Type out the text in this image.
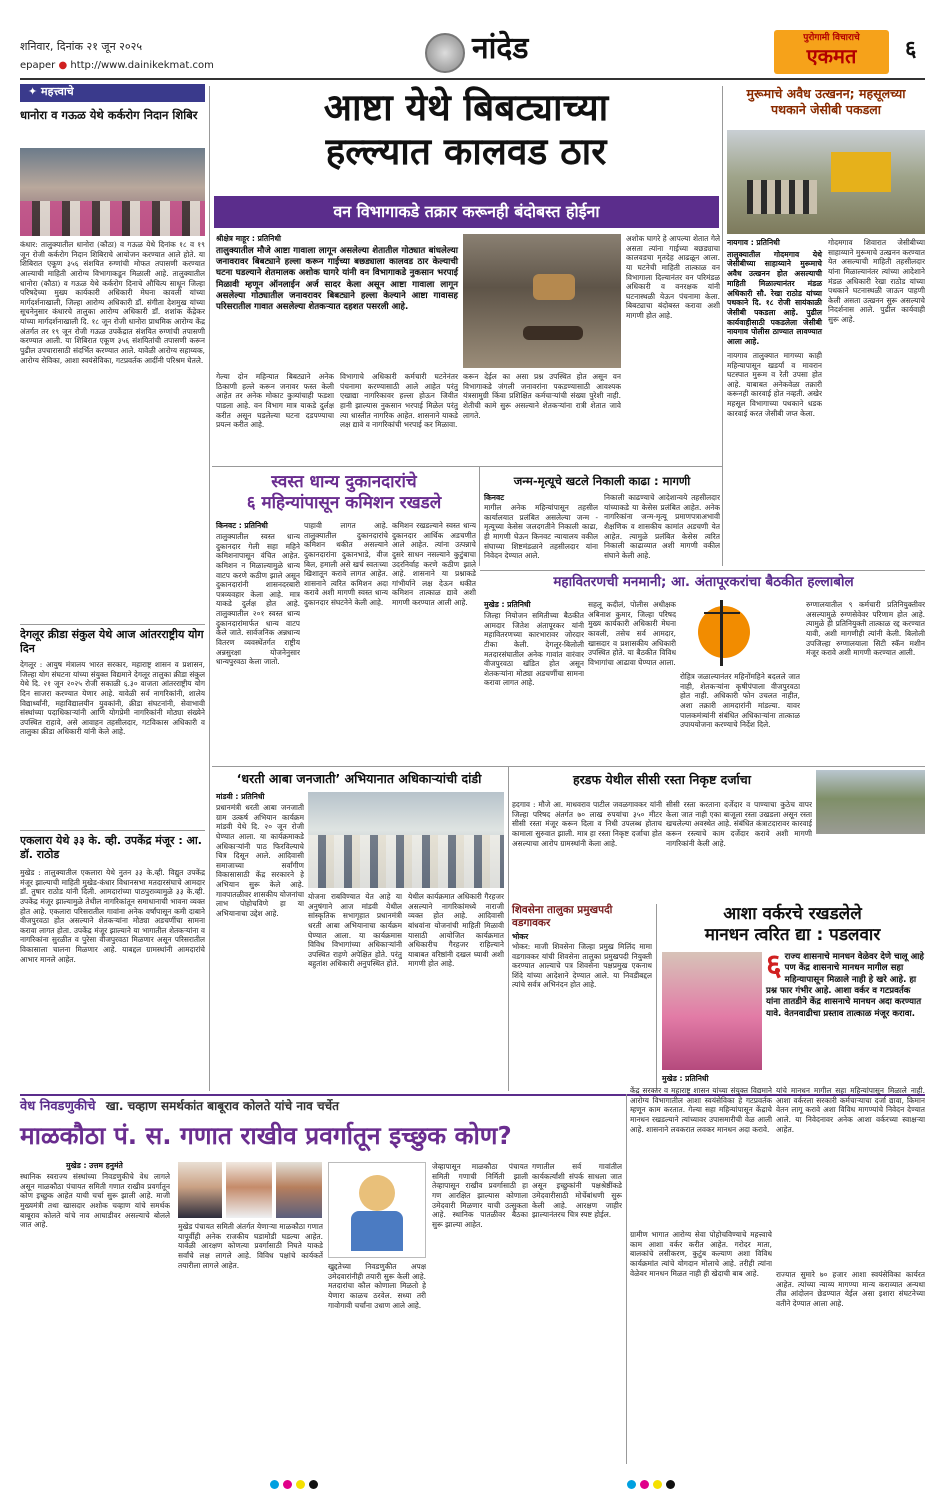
शनिवार, दिनांक २१ जून २०२५
epaper ● http://www.dainikekmat.com	नांदेड	पुरोगामी विचाराचे
एकमत	६
✦ महत्त्वाचे
धानोरा व गऊळ येथे कर्करोग निदान शिबिर
कंधार: तालुक्यातील धानोरा (कौठा) व गऊळ येथे दिनांक १८ व १९ जून रोजी कर्करोग निदान शिबिराचे आयोजन करण्यात आले होते. या शिबिरात एकूण ३५६ संशयित रुग्णांची मोफत तपासणी करण्यात आल्याची माहिती आरोग्य विभागाकडून मिळाली आहे. तालुक्यातील धानोरा (कौठा) व गऊळ येथे कर्करोग दिनाचे औचित्य साधून जिल्हा परिषदेच्या मुख्य कार्यकारी अधिकारी मेघना कावली यांच्या मार्गदर्शनाखाली, जिल्हा आरोग्य अधिकारी डॉ. संगीता देशमुख यांच्या सूचनेनुसार कंधारचे तालुका आरोग्य अधिकारी डॉ. शशांक केंद्रेकर यांच्या मार्गदर्शनाखाली दि. १८ जून रोजी धानोरा प्राथमिक आरोग्य केंद्र अंतर्गत तर १९ जून रोजी गऊळ उपकेंद्रात संशयित रुग्णांची तपासणी करण्यात आली. या शिबिरात एकूण ३५६ संशयितांची तपासणी करून पुढील उपचारासाठी संदर्भित करण्यात आले. यावेळी आरोग्य सहाय्यक, आरोग्य सेविका, आशा स्वयंसेविका, गटप्रवर्तक आदींनी परिश्रम घेतले.
देगलूर क्रीडा संकुल येथे आज आंतरराष्ट्रीय योग दिन
देगलूर : आयुष मंत्रालय भारत सरकार, महाराष्ट्र शासन व प्रशासन, जिल्हा योग संघटना यांच्या संयुक्त विद्यमाने देगलूर तालुका क्रीडा संकुल येथे दि. २१ जून २०२५ रोजी सकाळी ६.३० वाजता आंतरराष्ट्रीय योग दिन साजरा करण्यात येणार आहे. यावेळी सर्व नागरिकांनी, शालेय विद्यार्थ्यांनी, महाविद्यालयीन युवकांनी, क्रीडा संघटनांनी, सेवाभावी संस्थांच्या पदाधिकाऱ्यांनी आणि योगप्रेमी नागरिकांनी मोठ्या संख्येने उपस्थित राहावे, असे आवाहन तहसीलदार, गटविकास अधिकारी व तालुका क्रीडा अधिकारी यांनी केले आहे.
एकलारा येथे ३३ के. व्ही. उपकेंद्र मंजूर : आ. डॉ. राठोड
मुखेड : तालुक्यातील एकलारा येथे नुतन ३३ के.व्ही. विद्युत उपकेंद्र मंजूर झाल्याची माहिती मुखेड-कंधार विधानसभा मतदारसंघाचे आमदार डॉ. तुषार राठोड यांनी दिली. आमदारांच्या पाठपुराव्यामुळे ३३ के.व्ही. उपकेंद्र मंजूर झाल्यामुळे तेथील नागरिकांतून समाधानाची भावना व्यक्त होत आहे. एकलारा परिसरातील गावांना अनेक वर्षांपासून कमी दाबाने वीजपुरवठा होत असल्याने शेतकऱ्यांना मोठ्या अडचणींचा सामना करावा लागत होता. उपकेंद्र मंजूर झाल्याने या भागातील शेतकऱ्यांना व नागरिकांना सुरळीत व पुरेसा वीजपुरवठा मिळणार असून परिसरातील विकासाला चालना मिळणार आहे. याबद्दल ग्रामस्थांनी आमदारांचे आभार मानले आहेत.
आष्टा येथे बिबट्याच्या
हल्ल्यात कालवड ठार
वन विभागाकडे तक्रार करूनही बंदोबस्त होईना
श्रीक्षेत्र माहूर : प्रतिनिधी
तालुक्यातील मौजे आष्टा गावाला लागून असलेल्या शेतातील गोठ्यात बांधलेल्या जनावरावर बिबट्याने हल्ला करून गाईच्या बछड्याला कालवड ठार केल्याची घटना घडल्याने शेतमालक अशोक घागरे यांनी वन विभागाकडे नुकसान भरपाई मिळावी म्हणून ऑनलाईन अर्ज सादर केला असून आष्टा गावाला लागून असलेल्या गोठ्यातील जनावरावर बिबट्याने हल्ला केल्याने आष्टा गावासह परिसरातील गावात असलेल्या शेतकऱ्यात दहशत पसरली आहे.
अशोक घागरे हे आपल्या शेतात गेले असता त्यांना गाईच्या बछड्याचा कालवडचा मृतदेह आढळून आला. या घटनेची माहिती तात्काळ वन विभागाला दिल्यानंतर वन परिमंडळ अधिकारी व वनरक्षक यांनी घटनास्थळी येऊन पंचनामा केला. बिबट्याचा बंदोबस्त करावा अशी मागणी होत आहे.
गेल्या दोन महिन्यात बिबट्याने अनेक ठिकाणी हल्ले करून जनावर फस्त केली आहेत तर अनेक मोकाट कुत्र्यांचाही फडशा पाडला आहे. वन विभाग मात्र याकडे दुर्लक्ष करीत असून घडलेल्या घटना दडपण्याचा प्रयत्न करीत आहे.
विभागाचे अधिकारी कर्मचारी घटनेनंतर पंचनामा करण्यासाठी आले आहेत परंतु एखाद्या नागरिकावर हल्ला होऊन जिवीत हानी झाल्यास नुकसान भरपाई मिळेल परंतु त्या धास्तीत नागरिक आहेत. शासनाने याकडे लक्ष द्यावे व नागरिकांची भरपाई कर मिळावा.
करून देईल का असा प्रश्न उपस्थित होत असून वन विभागाकडे जंगली जनावरांना पकडण्यासाठी आवश्यक यंत्रसामुग्री किंवा प्रशिक्षित कर्मचाऱ्यांची संख्या पुरेशी नाही. शेतीची कामे सुरू असल्याने शेतकऱ्यांना रात्री शेतात जावे लागते.
मुरूमाचे अवैध उत्खनन; महसूलच्या पथकाने जेसीबी पकडला
नायगाव : प्रतिनिधी
तालुक्यातील गोदमगाव येथे जेसीबीच्या साहाय्याने मुरूमाचे अवैध उत्खनन होत असल्याची माहिती मिळाल्यानंतर मंडळ अधिकारी सौ. रेखा राठोड यांच्या पथकाने दि. १८ रोजी सायंकाळी जेसीबी पकडला आहे. पुढील कार्यवाहीसाठी पकडलेला जेसीबी नायगाव पोलीस ठाण्यात लावण्यात आला आहे.
नायगाव तालुक्यात मागच्या काही महिन्यापासून खडर्यां व मावरान घटस्पात मुरूम व रेती उपसा होत आहे. याबाबत अनेकवेळा तक्रारी करूनही कारवाई होत नव्हती. अखेर महसूल विभागाच्या पथकाने धडक कारवाई करत जेसीबी जप्त केला.
गोदमगाव शिवारात जेसीबीच्या साहाय्याने मुरूमाचे उत्खनन करण्यात येत असल्याची माहिती तहसीलदार यांना मिळाल्यानंतर त्यांच्या आदेशाने मंडळ अधिकारी रेखा राठोड यांच्या पथकाने घटनास्थळी जाऊन पाहणी केली असता उत्खनन सुरू असल्याचे निदर्शनास आले. पुढील कार्यवाही सुरू आहे.
स्वस्त धान्य दुकानदारांचे
६ महिन्यांपासून कमिशन रखडले
किनवट : प्रतिनिधी
तालुक्यातील स्वस्त धान्य दुकानदार गेली सहा महिने कमिशनापासून वंचित आहेत. कमिशन न मिळाल्यामुळे धान्य वाटप करणे कठीण झाले असून दुकानदारांनी शासनदरबारी पत्रव्यवहार केला आहे. मात्र याकडे दुर्लक्ष होत आहे. तालुक्यातील २०१ स्वस्त धान्य दुकानदारांमार्फत धान्य वाटप केले जाते. सार्वजनिक अन्नधान्य वितरण व्यवस्थेंतर्गत राष्ट्रीय अन्नसुरक्षा योजनेनुसार धान्यपुरवठा केला जातो.
पाहावी लागत आहे. तालुक्यातील दुकानदारांचे कमिशन थकीत असल्याने दुकानदारांना दुकानभाडे, वीज बिल, हमाली असे खर्च स्वतःच्या खिशातून करावे लागत आहेत. शासनाने त्वरित कमिशन अदा करावे अशी मागणी स्वस्त धान्य दुकानदार संघटनेने केली आहे.
कमिशन रखडल्याने स्वस्त धान्य दुकानदार आर्थिक अडचणीत आले आहेत. त्यांना उत्पन्नाचे दुसरे साधन नसल्याने कुटुंबाचा उदरनिर्वाह करणे कठीण झाले आहे. शासनाने या प्रश्नाकडे गांभीर्याने लक्ष देऊन थकीत कमिशन तात्काळ द्यावे अशी मागणी करण्यात आली आहे.
जन्म-मृत्यूचे खटले निकाली काढा : मागणी
किनवट
मागील अनेक महिन्यांपासून तहसील कार्यालयात प्रलंबित असलेल्या जन्म - मृत्यूच्या केसेस जलदगतीने निकाली काढा, ही मागणी घेऊन किनवट न्यायालय वकील संघाच्या शिष्टमंडळाने तहसीलदार यांना निवेदन देण्यात आले.
निकाली काढण्याचे आदेशान्वये तहसीलदार यांच्याकडे या केसेस प्रलंबित आहेत. अनेक नागरिकांना जन्म-मृत्यू प्रमाणपत्राअभावी शैक्षणिक व शासकीय कामांत अडचणी येत आहेत. त्यामुळे प्रलंबित केसेस त्वरित निकाली काढाव्यात अशी मागणी वकील संघाने केली आहे.
महावितरणची मनमानी; आ. अंतापूरकरांचा बैठकीत हल्लाबोल
मुखेड : प्रतिनिधी
जिल्हा नियोजन समितीच्या बैठकीत आमदार जितेश अंतापूरकर यांनी महावितरणच्या कारभारावर जोरदार टीका केली. देगलूर-बिलोली मतदारसंघातील अनेक गावांत वारंवार वीजपुरवठा खंडित होत असून शेतकऱ्यांना मोठ्या अडचणींचा सामना करावा लागत आहे.
सहलू कदीलं, पोलीस अधीक्षक अबिनाश कुमार, जिल्हा परिषद मुख्य कार्यकारी अधिकारी मेघना कावली, तसेच सर्व आमदार, खासदार व प्रशासकीय अधिकारी उपस्थित होते. या बैठकीत विविध विभागांचा आढावा घेण्यात आला.
रोहित्र जळाल्यानंतर महिनोंमहिने बदलले जात नाही, शेतकऱ्यांना कृषीपंपाला वीजपुरवठा होत नाही. अधिकारी फोन उचलत नाहीत, अशा तक्रारी आमदारांनी मांडल्या. यावर पालकमंत्र्यांनी संबंधित अधिकाऱ्यांना तात्काळ उपाययोजना करण्याचे निर्देश दिले.
रुग्णालयातील ९ कर्मचारी प्रतिनियुक्तीवर असल्यामुळे रुग्णसेवेवर परिणाम होत आहे. त्यामुळे ही प्रतिनियुक्ती तात्काळ रद्द करण्यात यावी, अशी मागणीही त्यांनी केली. बिलोली उपजिल्हा रुग्णालयाला सिटी स्कॅन मशीन मंजूर करावे अशी मागणी करण्यात आली.
‘धरती आबा जनजाती’ अभियानात अधिकाऱ्यांची दांडी
मांडवी : प्रतिनिधी
प्रधानमंत्री धरती आबा जनजाती ग्राम उत्कर्ष अभियान कार्यक्रम मांडवी येथे दि. २० जून रोजी घेण्यात आला. या कार्यक्रमाकडे अधिकाऱ्यांनी पाठ फिरविल्याचे चित्र दिसून आले. आदिवासी समाजाच्या सर्वांगीण विकासासाठी केंद्र सरकारने हे अभियान सुरू केले आहे. गावपातळीवर शासकीय योजनांचा लाभ पोहोचविणे हा या अभियानाचा उद्देश आहे.
योजना राबविण्यात येत आहे या अनुषंगाने आज मांडवी येथील सांस्कृतिक सभागृहात प्रधानमंत्री धरती आबा अभियानाचा कार्यक्रम घेण्यात आला. या कार्यक्रमास विविध विभागांच्या अधिकाऱ्यांनी उपस्थित राहणे अपेक्षित होते. परंतु बहुतांश अधिकारी अनुपस्थित होते.
येथील कार्यक्रमात अधिकारी गैरहजर असल्याने नागरिकांमध्ये नाराजी व्यक्त होत आहे. आदिवासी बांधवांना योजनांची माहिती मिळावी यासाठी आयोजित कार्यक्रमात अधिकारीच गैरहजर राहिल्याने याबाबत वरिष्ठांनी दखल घ्यावी अशी मागणी होत आहे.
हरडफ येथील सीसी रस्ता निकृष्ट दर्जाचा
हदगाव : मौजे आ. माधवराव पाटील जवळगावकर यांनी जिल्हा परिषद अंतर्गत ७० लाख रुपयांचा ३५० मीटर सीसी रस्ता मंजूर करून दिला व निधी उपलब्ध होताच कामाला सुरुवात झाली. मात्र हा रस्ता निकृष्ट दर्जाचा होत असल्याचा आरोप ग्रामस्थांनी केला आहे.
सीसी रस्ता करताना दर्जेदार व पाण्याचा कुठेच वापर केला जात नाही एका बाजूला रस्ता उखडला असून रस्ता खचलेल्या अवस्थेत आहे. संबंधित कंत्राटदारावर कारवाई करून रस्त्याचे काम दर्जेदार करावे अशी मागणी नागरिकांनी केली आहे.
शिवसेना तालुका प्रमुखपदी वडगावकर
भोकर
भोकर: माजी शिवसेना जिल्हा प्रमुख मिलिंद मामा वडगावकर यांची शिवसेना तालुका प्रमुखपदी नियुक्ती करण्यात आल्याचे पत्र शिवसेना पक्षप्रमुख एकनाथ शिंदे यांच्या आदेशाने देण्यात आले. या निवडीबद्दल त्यांचे सर्वत्र अभिनंदन होत आहे.
आशा वर्करचे रखडलेले
मानधन त्वरित द्या : पडलवार
६ राज्य शासनाचे मानधन वेळेवर देणे चालू आहे पण केंद्र शासनाचे मानधन मागील सहा महिन्यापासून मिळाले नाही हे खरे आहे. हा प्रश्न फार गंभीर आहे. आशा वर्कर व गटप्रवर्तक यांना तातडीने केंद्र शासनाचे मानधन अदा करण्यात यावे. वेतनवाढीचा प्रस्ताव तात्काळ मंजूर करावा.
मुखेड : प्रतिनिधी
वेध निवडणुकीचे खा. चव्हाण समर्थकांत बाबूराव कोलते यांचे नाव चर्चेत
माळकौठा पं. स. गणात राखीव प्रवर्गातून इच्छुक कोण?
मुखेड : उत्तम हनुमंते
स्थानिक स्वराज्य संस्थांच्या निवडणुकीचे वेध लागले असून माळकौठा पंचायत समिती गणात राखीव प्रवर्गातून कोण इच्छुक आहेत याची चर्चा सुरू झाली आहे. माजी मुख्यमंत्री तथा खासदार अशोक चव्हाण यांचे समर्थक बाबूराव कोलते यांचे नाव आघाडीवर असल्याचे बोलले जात आहे.	मुखेड पंचायत समिती अंतर्गत येणाऱ्या माळकौठा गणात यापूर्वीही अनेक राजकीय घडामोडी घडल्या आहेत. यावेळी आरक्षण कोणत्या प्रवर्गासाठी निघते याकडे सर्वांचे लक्ष लागले आहे. विविध पक्षांचे कार्यकर्ते तयारीला लागले आहेत.
जेव्हापासून माळकौठा पंचायत समिती गणाची निर्मिती झाली तेव्हापासून राखीव प्रवर्गासाठी हा गण आरक्षित झाल्यास कोणाला उमेदवारी मिळणार याची उत्सुकता आहे. स्थानिक पातळीवर बैठका सुरू झाल्या आहेत.
खुद्दतेच्या निवडणुकीत अपक्ष उमेदवारांनीही तयारी सुरू केली आहे. मतदारांचा कौल कोणाला मिळतो हे येणारा काळच ठरवेल. सध्या तरी गावोगावी चर्चांना उधाण आले आहे.
गणातील सर्व गावांतील कार्यकर्त्यांशी संपर्क साधला जात असून इच्छुकांनी पक्षश्रेष्ठींकडे उमेदवारीसाठी मोर्चेबांधणी सुरू केली आहे. आरक्षण जाहीर झाल्यानंतरच चित्र स्पष्ट होईल.
केंद्र सरकार व महाराष्ट्र शासन यांच्या संयुक्त विद्यमाने आरोग्य विभागातील आशा स्वयंसेविका हे गटप्रवर्तक म्हणून काम करतात. गेल्या सहा महिन्यांपासून केंद्राचे मानधन रखडल्याने त्यांच्यावर उपासमारीची वेळ आली आहे. शासनाने लवकरात लवकर मानधन अदा करावे.
ग्रामीण भागात आरोग्य सेवा पोहोचविण्याचे महत्त्वाचे काम आशा वर्कर करीत आहेत. गरोदर माता, बालकांचे लसीकरण, कुटुंब कल्याण अशा विविध कार्यक्रमांत त्यांचे योगदान मोलाचे आहे. तरीही त्यांना वेळेवर मानधन मिळत नाही ही खेदाची बाब आहे.
यांचे मानधन मागील सहा महिन्यांपासून मिळाले नाही. आशा वर्करला सरकारी कर्मचाऱ्याचा दर्जा द्यावा, किमान वेतन लागू करावे अशा विविध मागण्यांचे निवेदन देण्यात आले. या निवेदनावर अनेक आशा वर्करच्या स्वाक्षऱ्या आहेत.
राज्यात सुमारे ७० हजार आशा स्वयंसेविका कार्यरत आहेत. त्यांच्या न्याय्य मागण्या मान्य कराव्यात अन्यथा तीव्र आंदोलन छेडण्यात येईल असा इशारा संघटनेच्या वतीने देण्यात आला आहे.
